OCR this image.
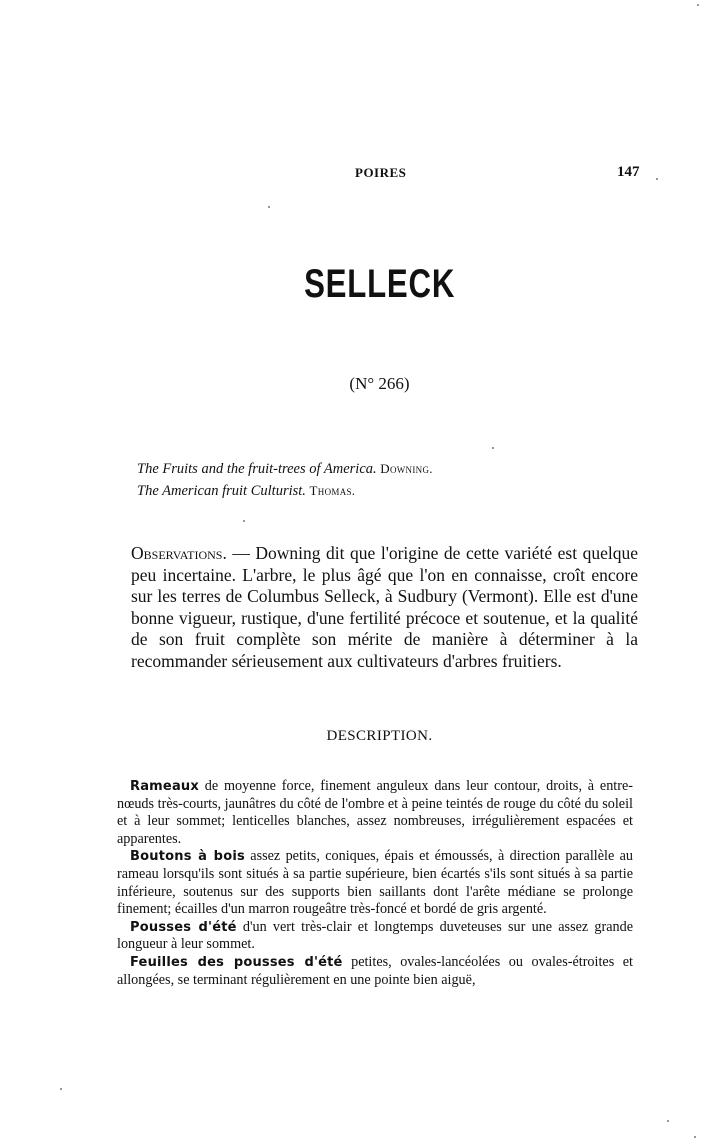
POIRES	147
SELLECK
(N° 266)
The Fruits and the fruit-trees of America. Downing.
The American fruit Culturist. Thomas.
Observations. — Downing dit que l'origine de cette variété est quelque peu incertaine. L'arbre, le plus âgé que l'on en connaisse, croît encore sur les terres de Columbus Selleck, à Sudbury (Vermont). Elle est d'une bonne vigueur, rustique, d'une fertilité précoce et soutenue, et la qualité de son fruit complète son mérite de manière à déterminer à la recommander sérieusement aux cultivateurs d'arbres fruitiers.
DESCRIPTION.

Rameaux de moyenne force, finement anguleux dans leur contour, droits, à entre-nœuds très-courts, jaunâtres du côté de l'ombre et à peine teintés de rouge du côté du soleil et à leur sommet; lenticelles blanches, assez nombreuses, irrégulièrement espacées et apparentes.

Boutons à bois assez petits, coniques, épais et émoussés, à direction parallèle au rameau lorsqu'ils sont situés à sa partie supérieure, bien écartés s'ils sont situés à sa partie inférieure, soutenus sur des supports bien saillants dont l'arête médiane se prolonge finement; écailles d'un marron rougeâtre très-foncé et bordé de gris argenté.

Pousses d'été d'un vert très-clair et longtemps duveteuses sur une assez grande longueur à leur sommet.

Feuilles des pousses d'été petites, ovales-lancéolées ou ovales-étroites et allongées, se terminant régulièrement en une pointe bien aiguë,
